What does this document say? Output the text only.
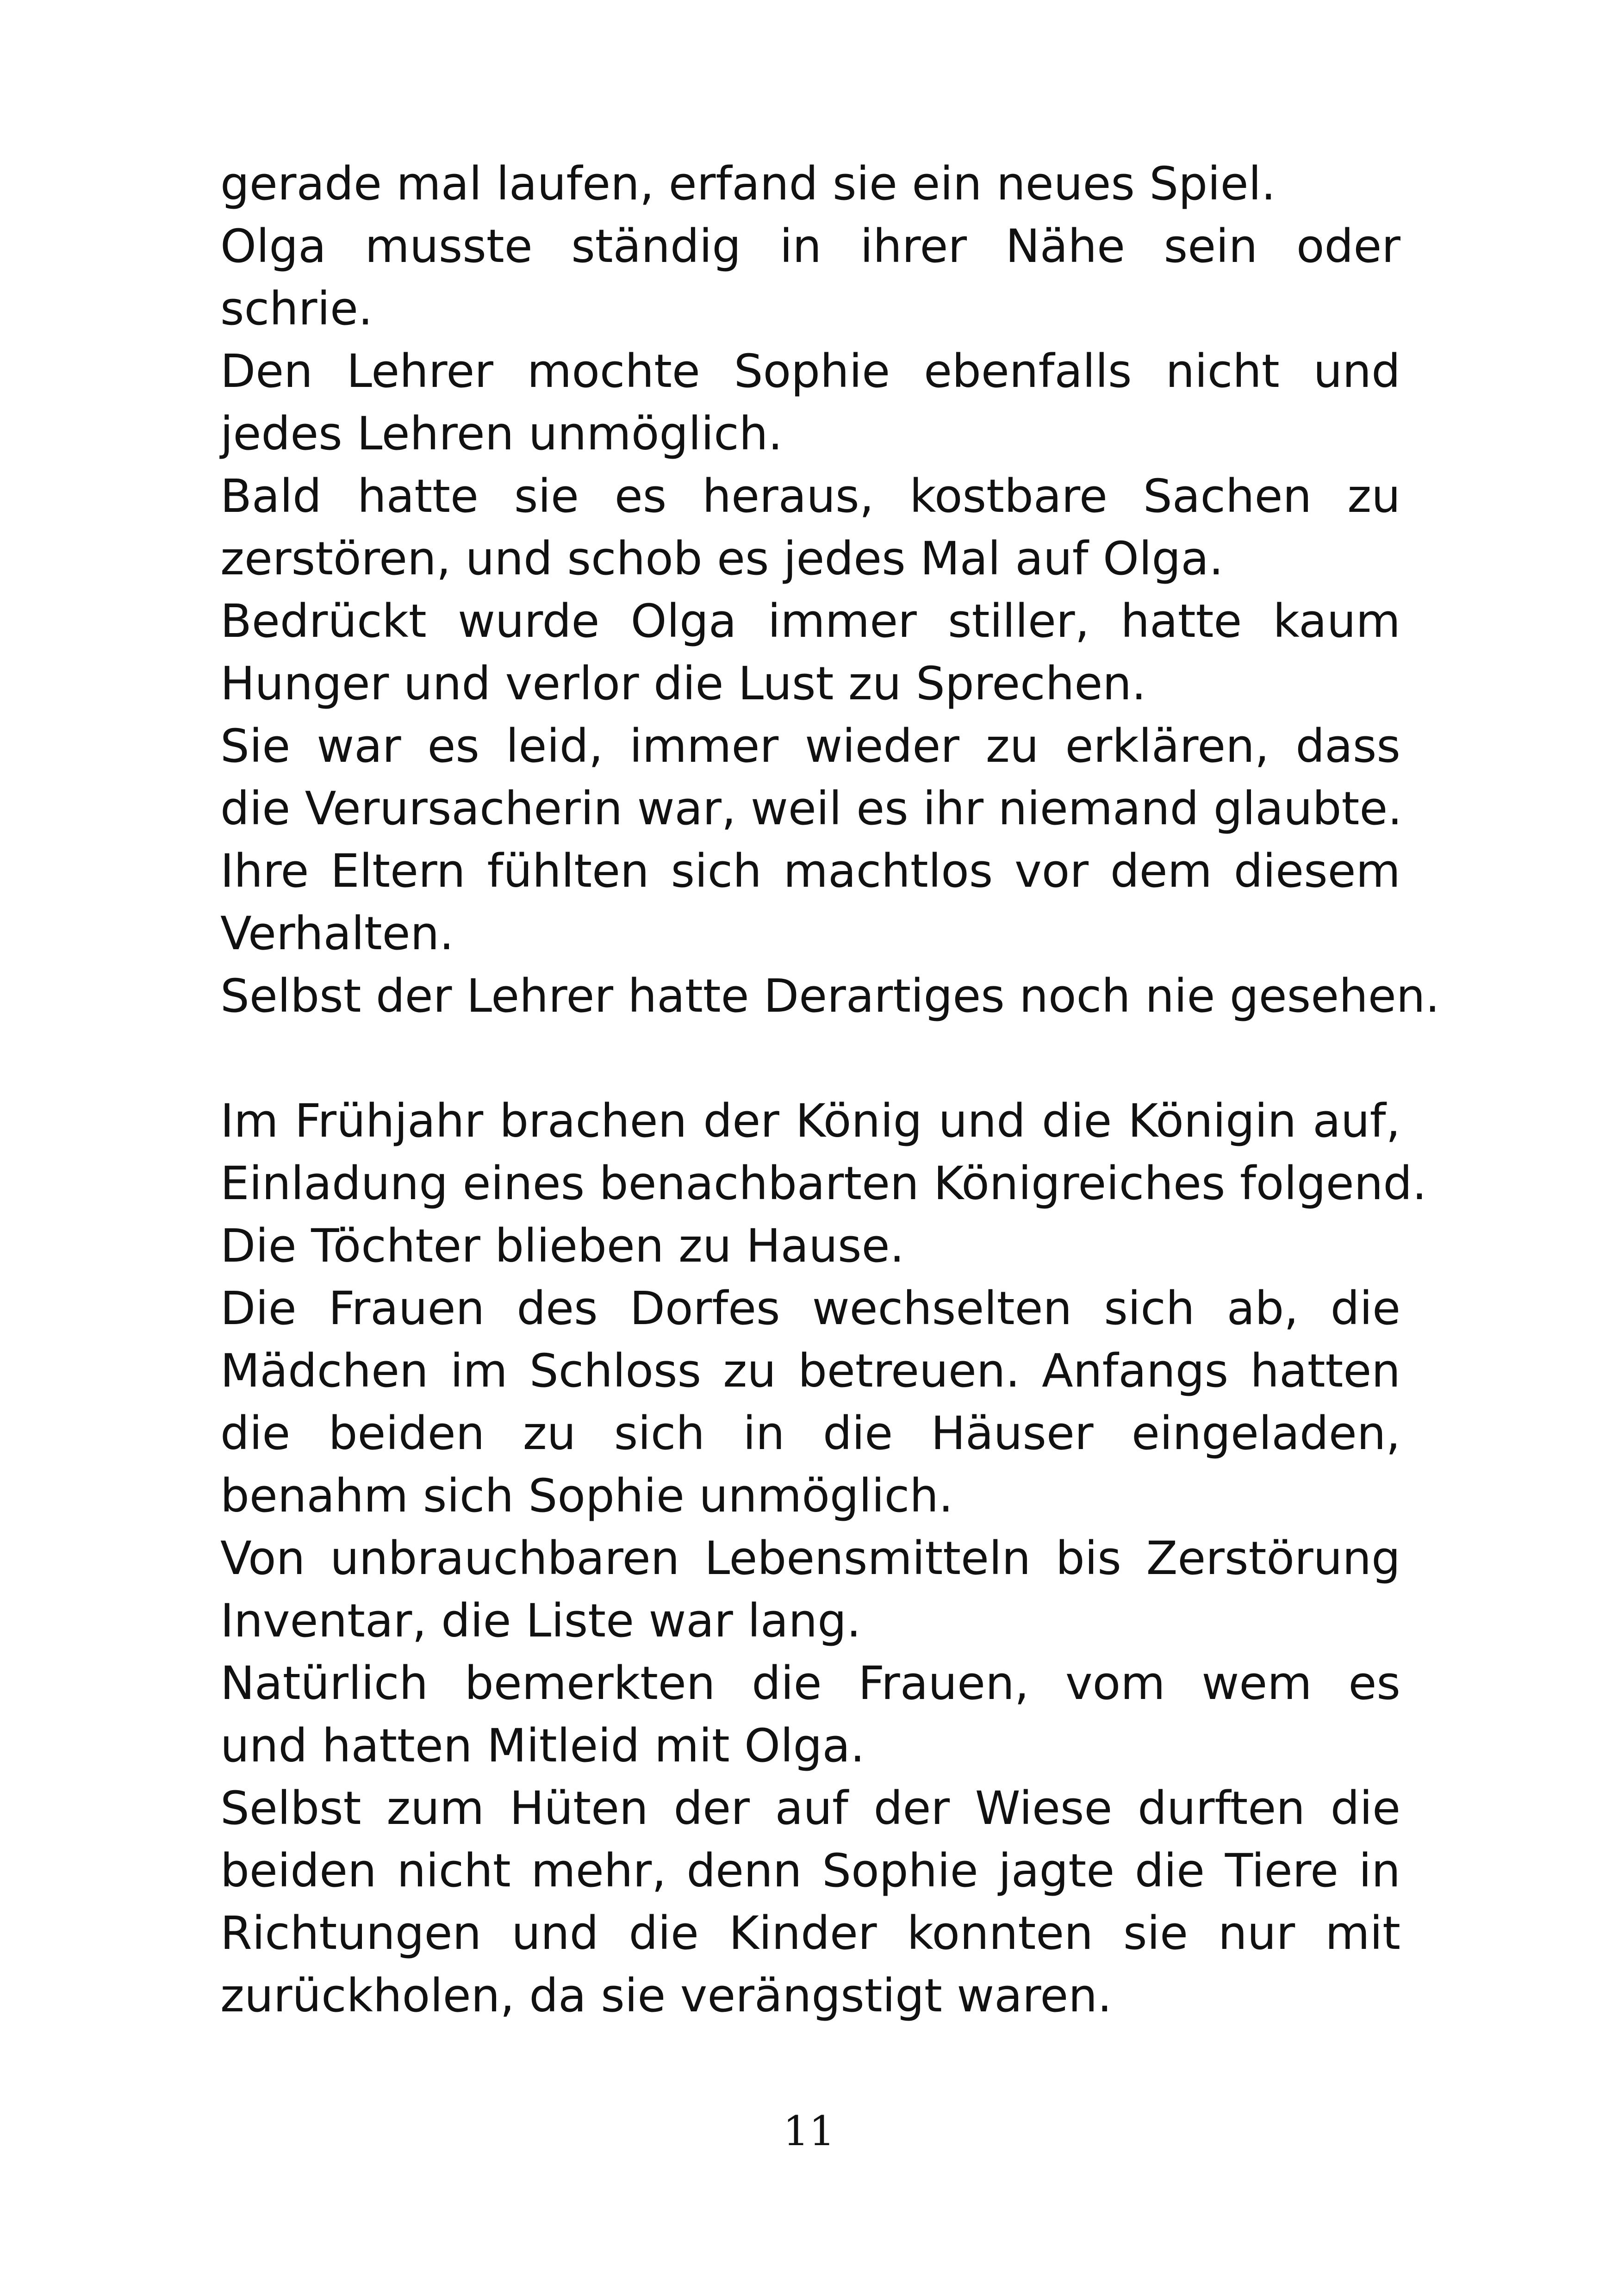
gerade mal laufen, erfand sie ein neues Spiel.
Olga musste ständig in ihrer Nähe sein oder
schrie.
Den Lehrer mochte Sophie ebenfalls nicht und
jedes Lehren unmöglich.
Bald hatte sie es heraus, kostbare Sachen zu
zerstören, und schob es jedes Mal auf Olga.
Bedrückt wurde Olga immer stiller, hatte kaum
Hunger und verlor die Lust zu Sprechen.
Sie war es leid, immer wieder zu erklären, dass
die Verursacherin war, weil es ihr niemand glaubte.
Ihre Eltern fühlten sich machtlos vor dem diesem
Verhalten.
Selbst der Lehrer hatte Derartiges noch nie gesehen.
Im Frühjahr brachen der König und die Königin auf,
Einladung eines benachbarten Königreiches folgend.
Die Töchter blieben zu Hause.
Die Frauen des Dorfes wechselten sich ab, die
Mädchen im Schloss zu betreuen. Anfangs hatten
die beiden zu sich in die Häuser eingeladen,
benahm sich Sophie unmöglich.
Von unbrauchbaren Lebensmitteln bis Zerstörung
Inventar, die Liste war lang.
Natürlich bemerkten die Frauen, vom wem es
und hatten Mitleid mit Olga.
Selbst zum Hüten der auf der Wiese durften die
beiden nicht mehr, denn Sophie jagte die Tiere in
Richtungen und die Kinder konnten sie nur mit
zurückholen, da sie verängstigt waren.
11
